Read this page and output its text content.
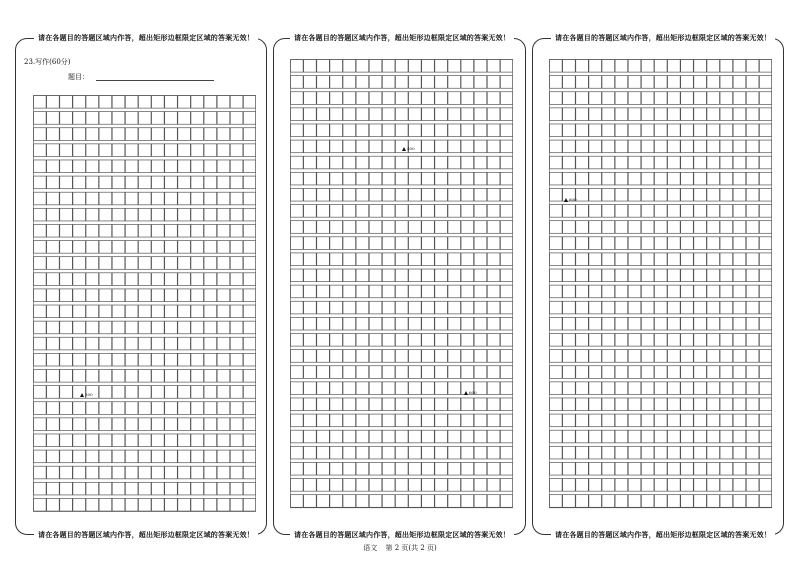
请在各题目的答题区域内作答，超出矩形边框限定区域的答案无效！
23.写作(60分)
题目：
200
请在各题目的答题区域内作答，超出矩形边框限定区域的答案无效！
请在各题目的答题区域内作答，超出矩形边框限定区域的答案无效！
400
600
请在各题目的答题区域内作答，超出矩形边框限定区域的答案无效！
请在各题目的答题区域内作答，超出矩形边框限定区域的答案无效！
800
请在各题目的答题区域内作答，超出矩形边框限定区域的答案无效！
语文 第 2 页(共 2 页)
